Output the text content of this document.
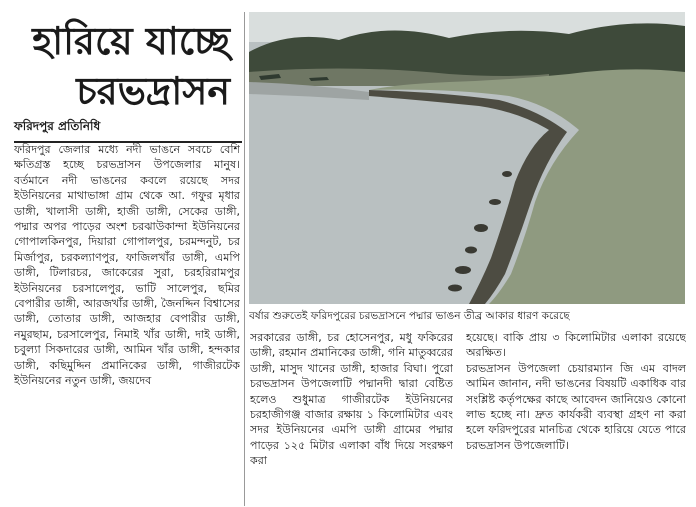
হারিয়ে যাচ্ছে
চরভদ্রাসন
ফরিদপুর প্রতিনিধি
বর্ষার শুরুতেই ফরিদপুরের চরভদ্রাসনে পদ্মার ভাঙন তীব্র আকার ধারণ করেছে
ফরিদপুর জেলার মধ্যে নদী ভাঙনে সবচে বেশি ক্ষতিগ্রস্ত হচ্ছে চরভদ্রাসন উপজেলার মানুষ। বর্তমানে নদী ভাঙনের কবলে রয়েছে সদর ইউনিয়নের মাথাভাঙ্গা গ্রাম থেকে আ. গফুর মৃধার ডাঙ্গী, খালাসী ডাঙ্গী, হাজী ডাঙ্গী, সেকের ডাঙ্গী, পদ্মার অপর পাড়ের অংশ চরঝাউকান্দা ইউনিয়নের গোপালকিনপুর, দিয়ারা গোপালপুর, চরমন্দনুট, চর মির্জাপুর, চরকল্যাণপুর, ফাজিলখাঁর ডাঙ্গী, এমপি ডাঙ্গী, টিলারচর, জাকেরের সুরা, চরহরিরামপুর ইউনিয়নের চরসালেপুর, ভাটি সালেপুর, ছমির বেপারীর ডাঙ্গী, আরজখাঁর ডাঙ্গী, জৈনদ্দিন বিশ্বাসের ডাঙ্গী, তোতার ডাঙ্গী, আজহার বেপারীর ডাঙ্গী, নমুরছাম, চরসালেপুর, নিমাই খাঁর ডাঙ্গী, দাই ডাঙ্গী, চবুল্যা সিকদারের ডাঙ্গী, আমিন খাঁর ডাঙ্গী, হন্দকার ডাঙ্গী, কছিমুদ্দিন প্রমানিকের ডাঙ্গী, গাজীরটেক ইউনিয়নের নতুন ডাঙ্গী, জয়দেব
সরকারের ডাঙ্গী, চর হোসেনপুর, মধু ফকিরের ডাঙ্গী, রহমান প্রমানিকের ডাঙ্গী, গনি মাতুব্বরের ডাঙ্গী, মাসুদ খানের ডাঙ্গী, হাজার বিঘা। পুরো চরভদ্রাসন উপজেলাটি পদ্মানদী দ্বারা বেষ্টিত হলেও শুধুমাত্র গাজীরটেক ইউনিয়নের চরহাজীগঞ্জ বাজার রক্ষায় ১ কিলোমিটার এবং সদর ইউনিয়নের এমপি ডাঙ্গী গ্রামের পদ্মার পাড়ের ১২৫ মিটার এলাকা বাঁধ দিয়ে সংরক্ষণ করা
হয়েছে। বাকি প্রায় ৩ কিলোমিটার এলাকা রয়েছে অরক্ষিত।
চরভদ্রাসন উপজেলা চেয়ারম্যান জি এম বাদল আমিন জানান, নদী ভাঙনের বিষয়টি একাধিক বার সংশ্লিষ্ট কর্তৃপক্ষের কাছে আবেদন জানিয়েও কোনো লাভ হচ্ছে না। দ্রুত কার্যকরী ব্যবস্থা গ্রহণ না করা হলে ফরিদপুরের মানচিত্র থেকে হারিয়ে যেতে পারে চরভদ্রাসন উপজেলাটি।
